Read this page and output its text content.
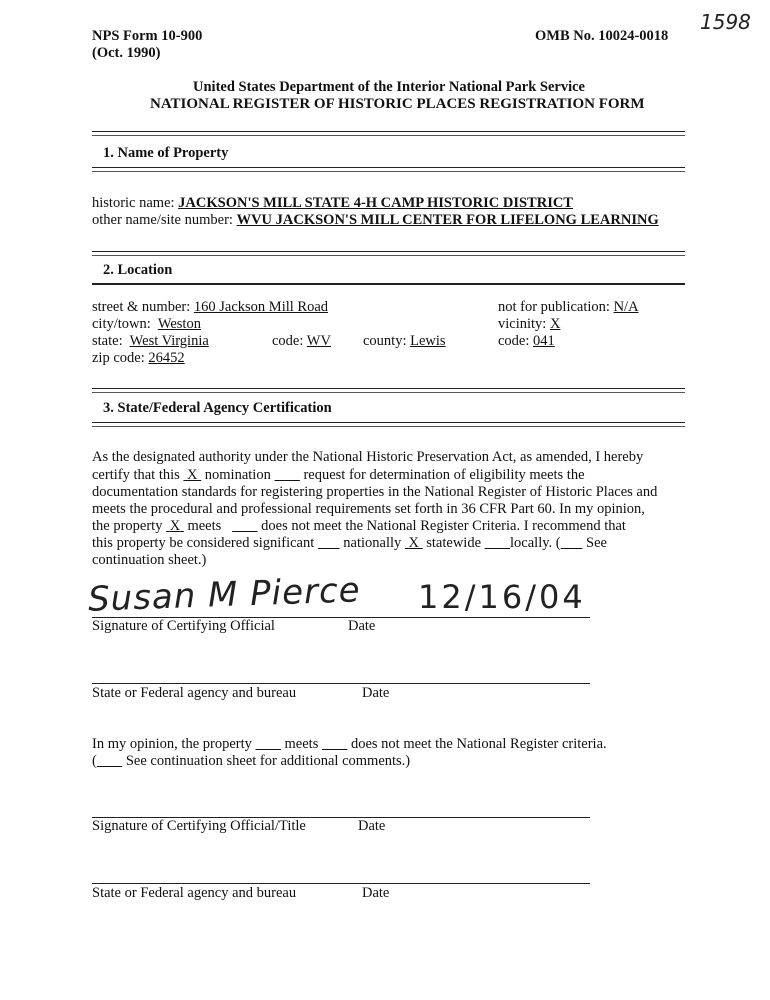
NPS Form 10-900
(Oct. 1990)
OMB No. 10024-0018
1598
United States Department of the Interior National Park Service
NATIONAL REGISTER OF HISTORIC PLACES REGISTRATION FORM
1. Name of Property
historic name: JACKSON'S MILL STATE 4-H CAMP HISTORIC DISTRICT
other name/site number: WVU JACKSON'S MILL CENTER FOR LIFELONG LEARNING
2. Location
street & number: 160 Jackson Mill Road
city/town: Weston
state: West Virginia	code: WV county: Lewis
zip code: 26452
not for publication: N/A
vicinity: X
code: 041
3. State/Federal Agency Certification
As the designated authority under the National Historic Preservation Act, as amended, I hereby
certify that this X nomination request for determination of eligibility meets the
documentation standards for registering properties in the National Register of Historic Places and
meets the procedural and professional requirements set forth in 36 CFR Part 60. In my opinion,
the property X meets	does not meet the National Register Criteria. I recommend that
this property be considered significant nationally X statewide locally. ( See
continuation sheet.)
Susan M Pierce 12/16/04
Signature of Certifying Official	Date
State or Federal agency and bureau	Date
In my opinion, the property meets does not meet the National Register criteria.
( See continuation sheet for additional comments.)
Signature of Certifying Official/Title	Date
State or Federal agency and bureau	Date
